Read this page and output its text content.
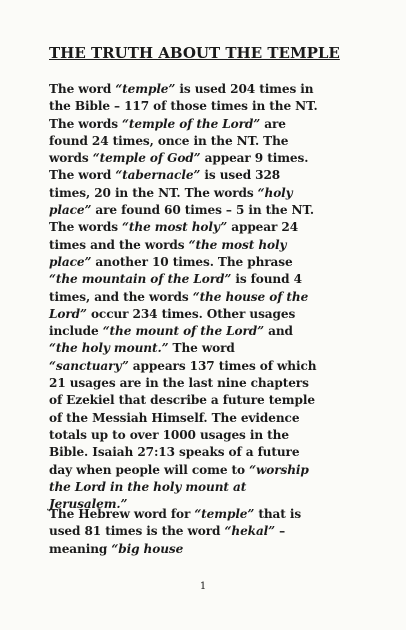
THE TRUTH ABOUT THE TEMPLE
The word “temple” is used 204 times in
the Bible – 117 of those times in the NT.
The words “temple of the Lord” are
found 24 times, once in the NT. The
words “temple of God” appear 9 times.
The word “tabernacle” is used 328
times, 20 in the NT. The words “holy
place” are found 60 times – 5 in the NT.
The words “the most holy” appear 24
times and the words “the most holy
place” another 10 times. The phrase
“the mountain of the Lord” is found 4
times, and the words “the house of the
Lord” occur 234 times. Other usages
include “the mount of the Lord” and
“the holy mount.” The word
“sanctuary” appears 137 times of which
21 usages are in the last nine chapters
of Ezekiel that describe a future temple
of the Messiah Himself. The evidence
totals up to over 1000 usages in the
Bible. Isaiah 27:13 speaks of a future
day when people will come to “worship
the Lord in the holy mount at
Jerusalem.”
The Hebrew word for “temple” that is
used 81 times is the word “hekal” –
meaning “big house
1
